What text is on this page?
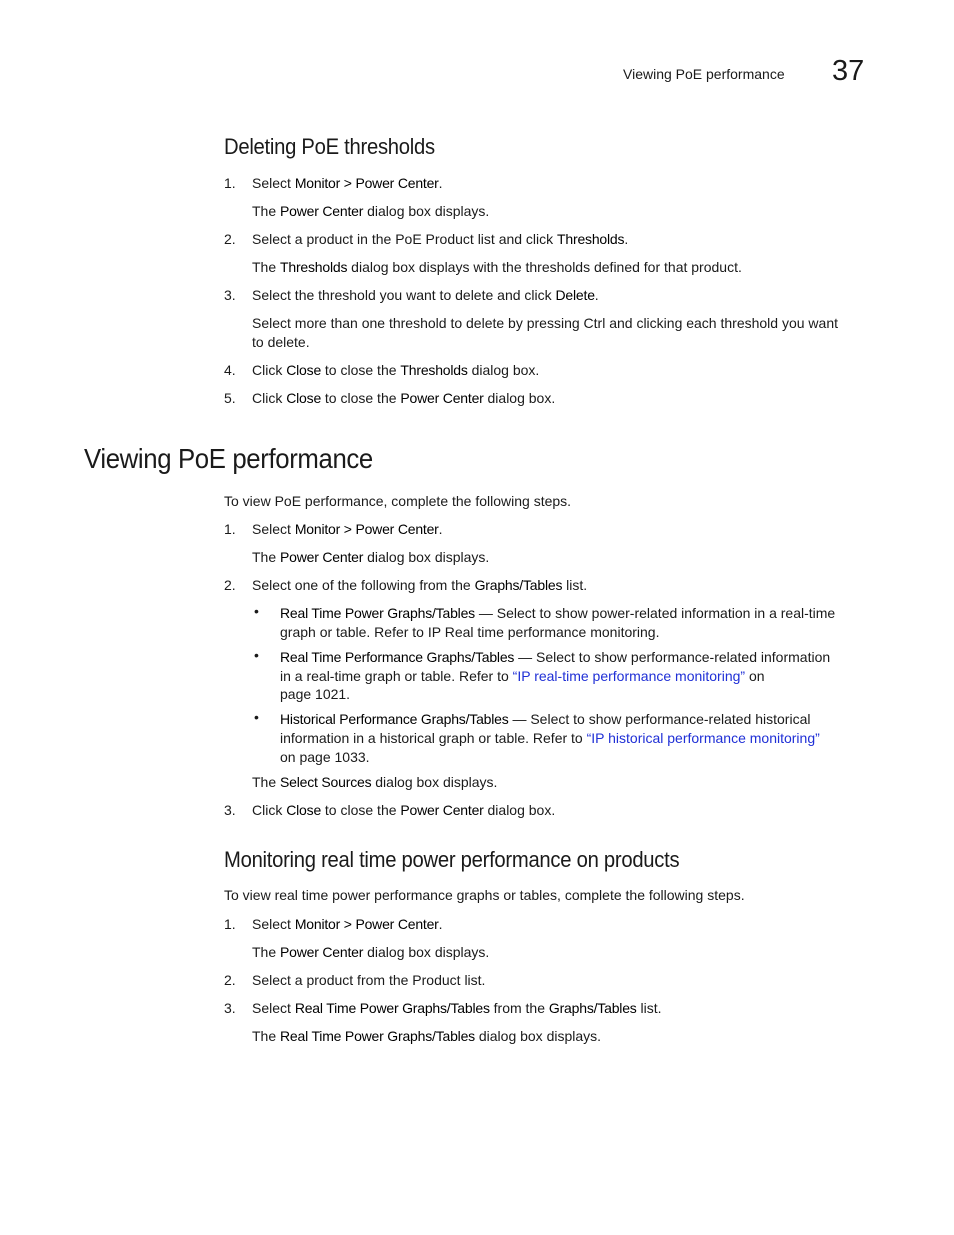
Viewing PoE performance 37
Deleting PoE thresholds
1. Select Monitor > Power Center.
The Power Center dialog box displays.
2. Select a product in the PoE Product list and click Thresholds.
The Thresholds dialog box displays with the thresholds defined for that product.
3. Select the threshold you want to delete and click Delete.
Select more than one threshold to delete by pressing Ctrl and clicking each threshold you want
to delete.
4. Click Close to close the Thresholds dialog box.
5. Click Close to close the Power Center dialog box.
Viewing PoE performance
To view PoE performance, complete the following steps.
1. Select Monitor > Power Center.
The Power Center dialog box displays.
2. Select one of the following from the Graphs/Tables list.
• Real Time Power Graphs/Tables — Select to show power-related information in a real-time
graph or table. Refer to IP Real time performance monitoring.
• Real Time Performance Graphs/Tables — Select to show performance-related information
in a real-time graph or table. Refer to “IP real-time performance monitoring” on
page 1021.
• Historical Performance Graphs/Tables — Select to show performance-related historical
information in a historical graph or table. Refer to “IP historical performance monitoring”
on page 1033.
The Select Sources dialog box displays.
3. Click Close to close the Power Center dialog box.
Monitoring real time power performance on products
To view real time power performance graphs or tables, complete the following steps.
1. Select Monitor > Power Center.
The Power Center dialog box displays.
2. Select a product from the Product list.
3. Select Real Time Power Graphs/Tables from the Graphs/Tables list.
The Real Time Power Graphs/Tables dialog box displays.
